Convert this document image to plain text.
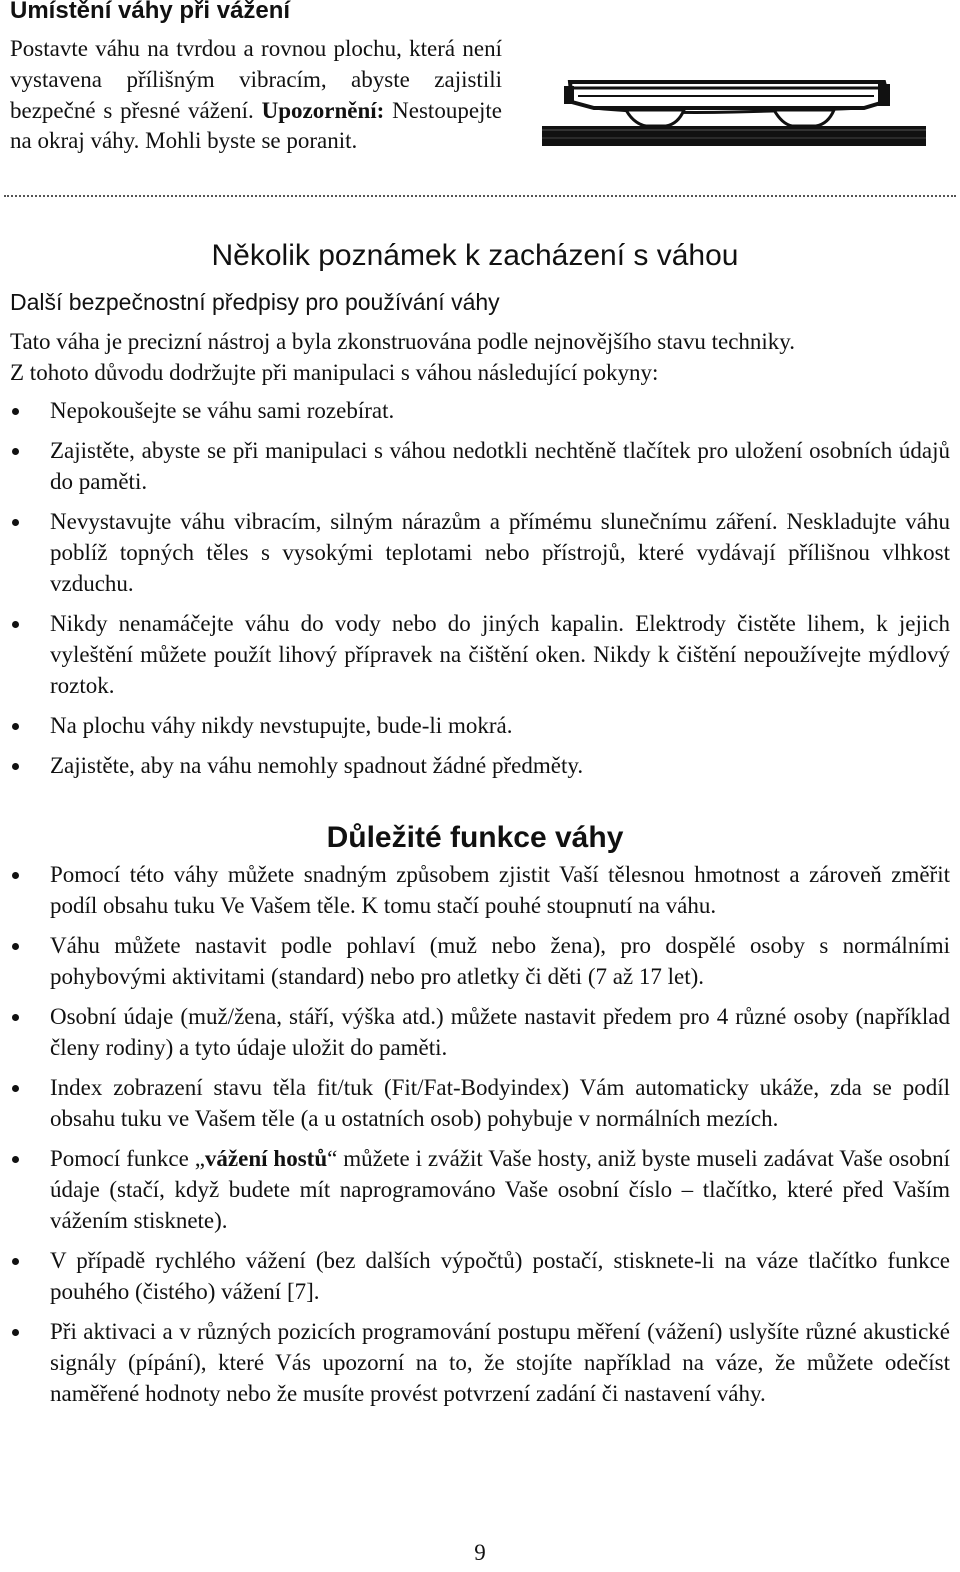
Umístění váhy při vážení

Postavte váhu na tvrdou a rovnou plochu, která není vystavena přílišným vibracím, abyste zajistili bezpečné s přesné vážení. Upozornění: Nestoupejte na okraj váhy. Mohli byste se poranit.

Několik poznámek k zacházení s váhou
Další bezpečnostní předpisy pro používání váhy

Tato váha je precizní nástroj a byla zkonstruována podle nejnovějšího stavu techniky.
Z tohoto důvodu dodržujte při manipulaci s váhou následující pokyny:

Nepokoušejte se váhu sami rozebírat.
Zajistěte, abyste se při manipulaci s váhou nedotkli nechtěně tlačítek pro uložení osobních údajů do paměti.
Nevystavujte váhu vibracím, silným nárazům a přímému slunečnímu záření. Neskladujte váhu poblíž topných těles s vysokými teplotami nebo přístrojů, které vydávají přílišnou vlhkost vzduchu.
Nikdy nenamáčejte váhu do vody nebo do jiných kapalin. Elektrody čistěte lihem, k jejich vyleštění můžete použít lihový přípravek na čištění oken. Nikdy k čištění nepoužívejte mýdlový roztok.
Na plochu váhy nikdy nevstupujte, bude-li mokrá.
Zajistěte, aby na váhu nemohly spadnout žádné předměty.
Důležité funkce váhy
Pomocí této váhy můžete snadným způsobem zjistit Vaší tělesnou hmotnost a zároveň změřit podíl obsahu tuku Ve Vašem těle. K tomu stačí pouhé stoupnutí na váhu.
Váhu můžete nastavit podle pohlaví (muž nebo žena), pro dospělé osoby s normálními pohybovými aktivitami (standard) nebo pro atletky či děti (7 až 17 let).
Osobní údaje (muž/žena, stáří, výška atd.) můžete nastavit předem pro 4 různé osoby (například členy rodiny) a tyto údaje uložit do paměti.
Index zobrazení stavu těla fit/tuk (Fit/Fat-Bodyindex) Vám automaticky ukáže, zda se podíl obsahu tuku ve Vašem těle (a u ostatních osob) pohybuje v normálních mezích.
Pomocí funkce „vážení hostů“ můžete i zvážit Vaše hosty, aniž byste museli zadávat Vaše osobní údaje (stačí, když budete mít naprogramováno Vaše osobní číslo – tlačítko, které před Vaším vážením stisknete).
V případě rychlého vážení (bez dalších výpočtů) postačí, stisknete-li na váze tlačítko funkce pouhého (čistého) vážení [7].
Při aktivaci a v různých pozicích programování postupu měření (vážení) uslyšíte různé akustické signály (pípání), které Vás upozorní na to, že stojíte například na váze, že můžete odečíst naměřené hodnoty nebo že musíte provést potvrzení zadání či nastavení váhy.

9
